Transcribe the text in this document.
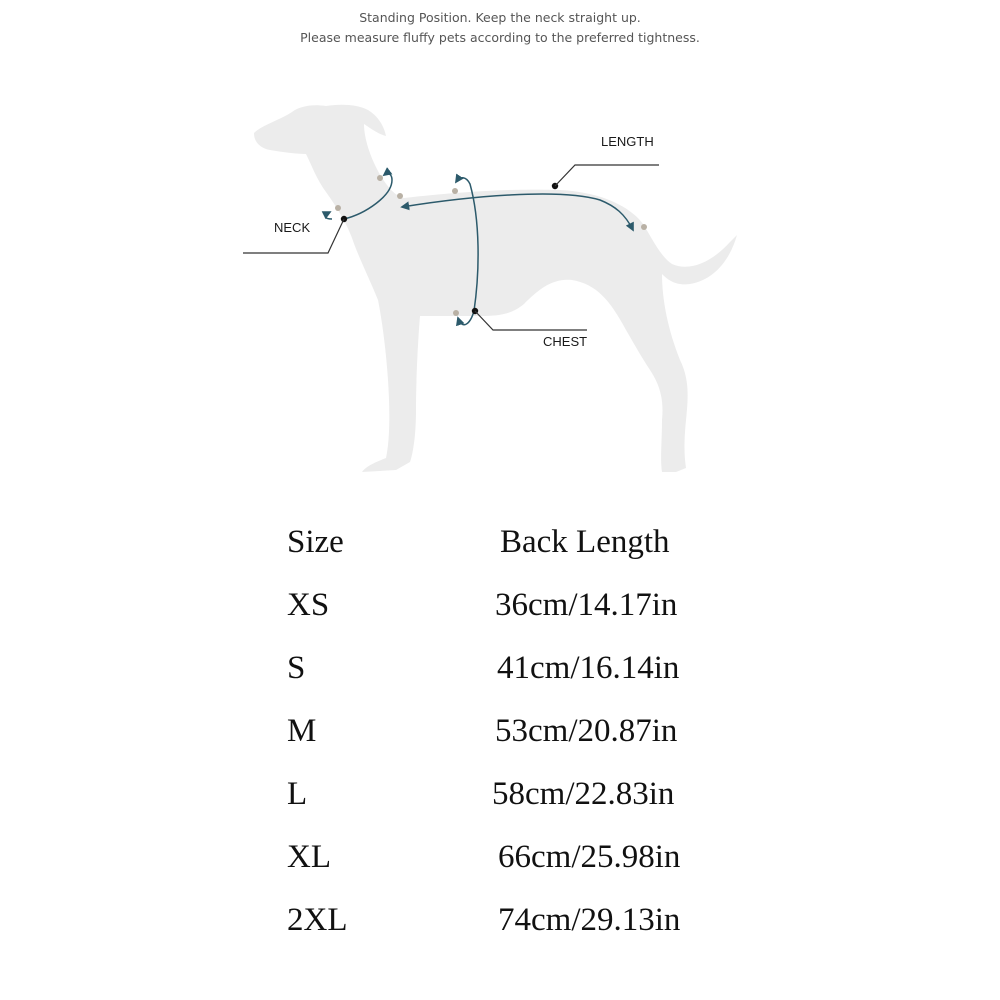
Standing Position. Keep the neck straight up.
Please measure fluffy pets according to the preferred tightness.
NECK
LENGTH
CHEST
Size	Back Length
XS	36cm/14.17in
S	41cm/16.14in
M	53cm/20.87in
L	58cm/22.83in
XL	66cm/25.98in
2XL	74cm/29.13in
